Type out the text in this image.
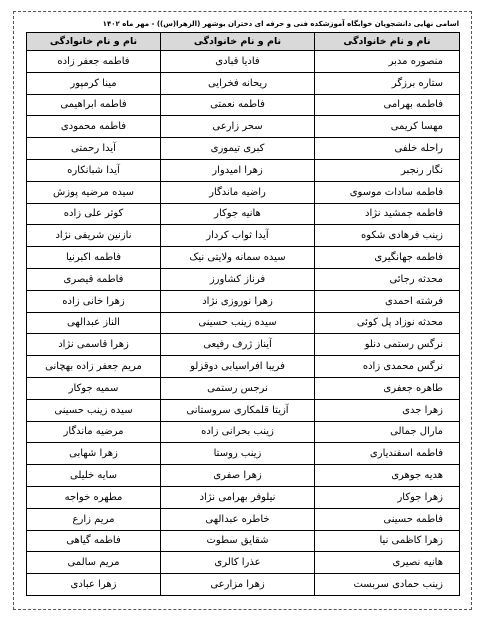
اسامی نهایی دانشجویان خوابگاه آموزشکده فنی و حرفه ای دختران بوشهر (الزهرا(س)) - مهر ماه ۱۴۰۲
نام و نام خانوادگی	نام و نام خانوادگی	نام و نام خانوادگی
منصوره مدبر	فادیا قبادی	فاطمه جعفر زاده
ستاره برزگر	ریحانه فخرایی	مینا کرمپور
فاطمه بهرامی	فاطمه نعمتی	فاطمه ابراهیمی
مهسا کریمی	سحر زارعی	فاطمه محمودی
راحله خلفی	کبری تیموری	آیدا رحمتی
نگار رنجبر	زهرا امیدوار	آیدا شبانکاره
فاطمه سادات موسوی	راضیه ماندگار	سیده مرضیه پوزش
فاطمه جمشید نژاد	هانیه جوکار	کوثر علی زاده
زینب فرهادی شکوه	آیدا ثواب کردار	نازنین شریفی نژاد
فاطمه جهانگیری	سیده سمانه ولایتی نیک	فاطمه اکبرنیا
محدثه رجائی	فرناز کشاورز	فاطمه قیصری
فرشته احمدی	زهرا نوروزی نژاد	زهرا خانی زاده
محدثه نوزاد پل کوئی	سیده زینب حسینی	الناز عبدالهی
نرگس رستمی دنلو	آیناز ژرف رفیعی	زهرا قاسمی نژاد
نرگس محمدی زاده	فریبا افراسیابی دوقزلو	مریم جعفر زاده بهچانی
طاهره جعفری	نرجس رستمی	سمیه جوکار
زهرا جدی	آزیتا قلمکاری سروستانی	سیده زینب حسینی
مارال جمالی	زینب بحرانی زاده	مرضیه ماندگار
فاطمه اسفندیاری	زینب روستا	زهرا شهابی
هدیه جوهری	زهرا صفری	سایه خلیلی
زهرا جوکار	نیلوفر بهرامی نژاد	مطهره خواجه
فاطمه حسینی	خاطره عبدالهی	مریم زارع
زهرا کاظمی نیا	شقایق سطوت	فاطمه گیاهی
هانیه نصیری	عذرا کالری	مریم سالمی
زینب حمادی سربست	زهرا مزارعی	زهرا عبادی
